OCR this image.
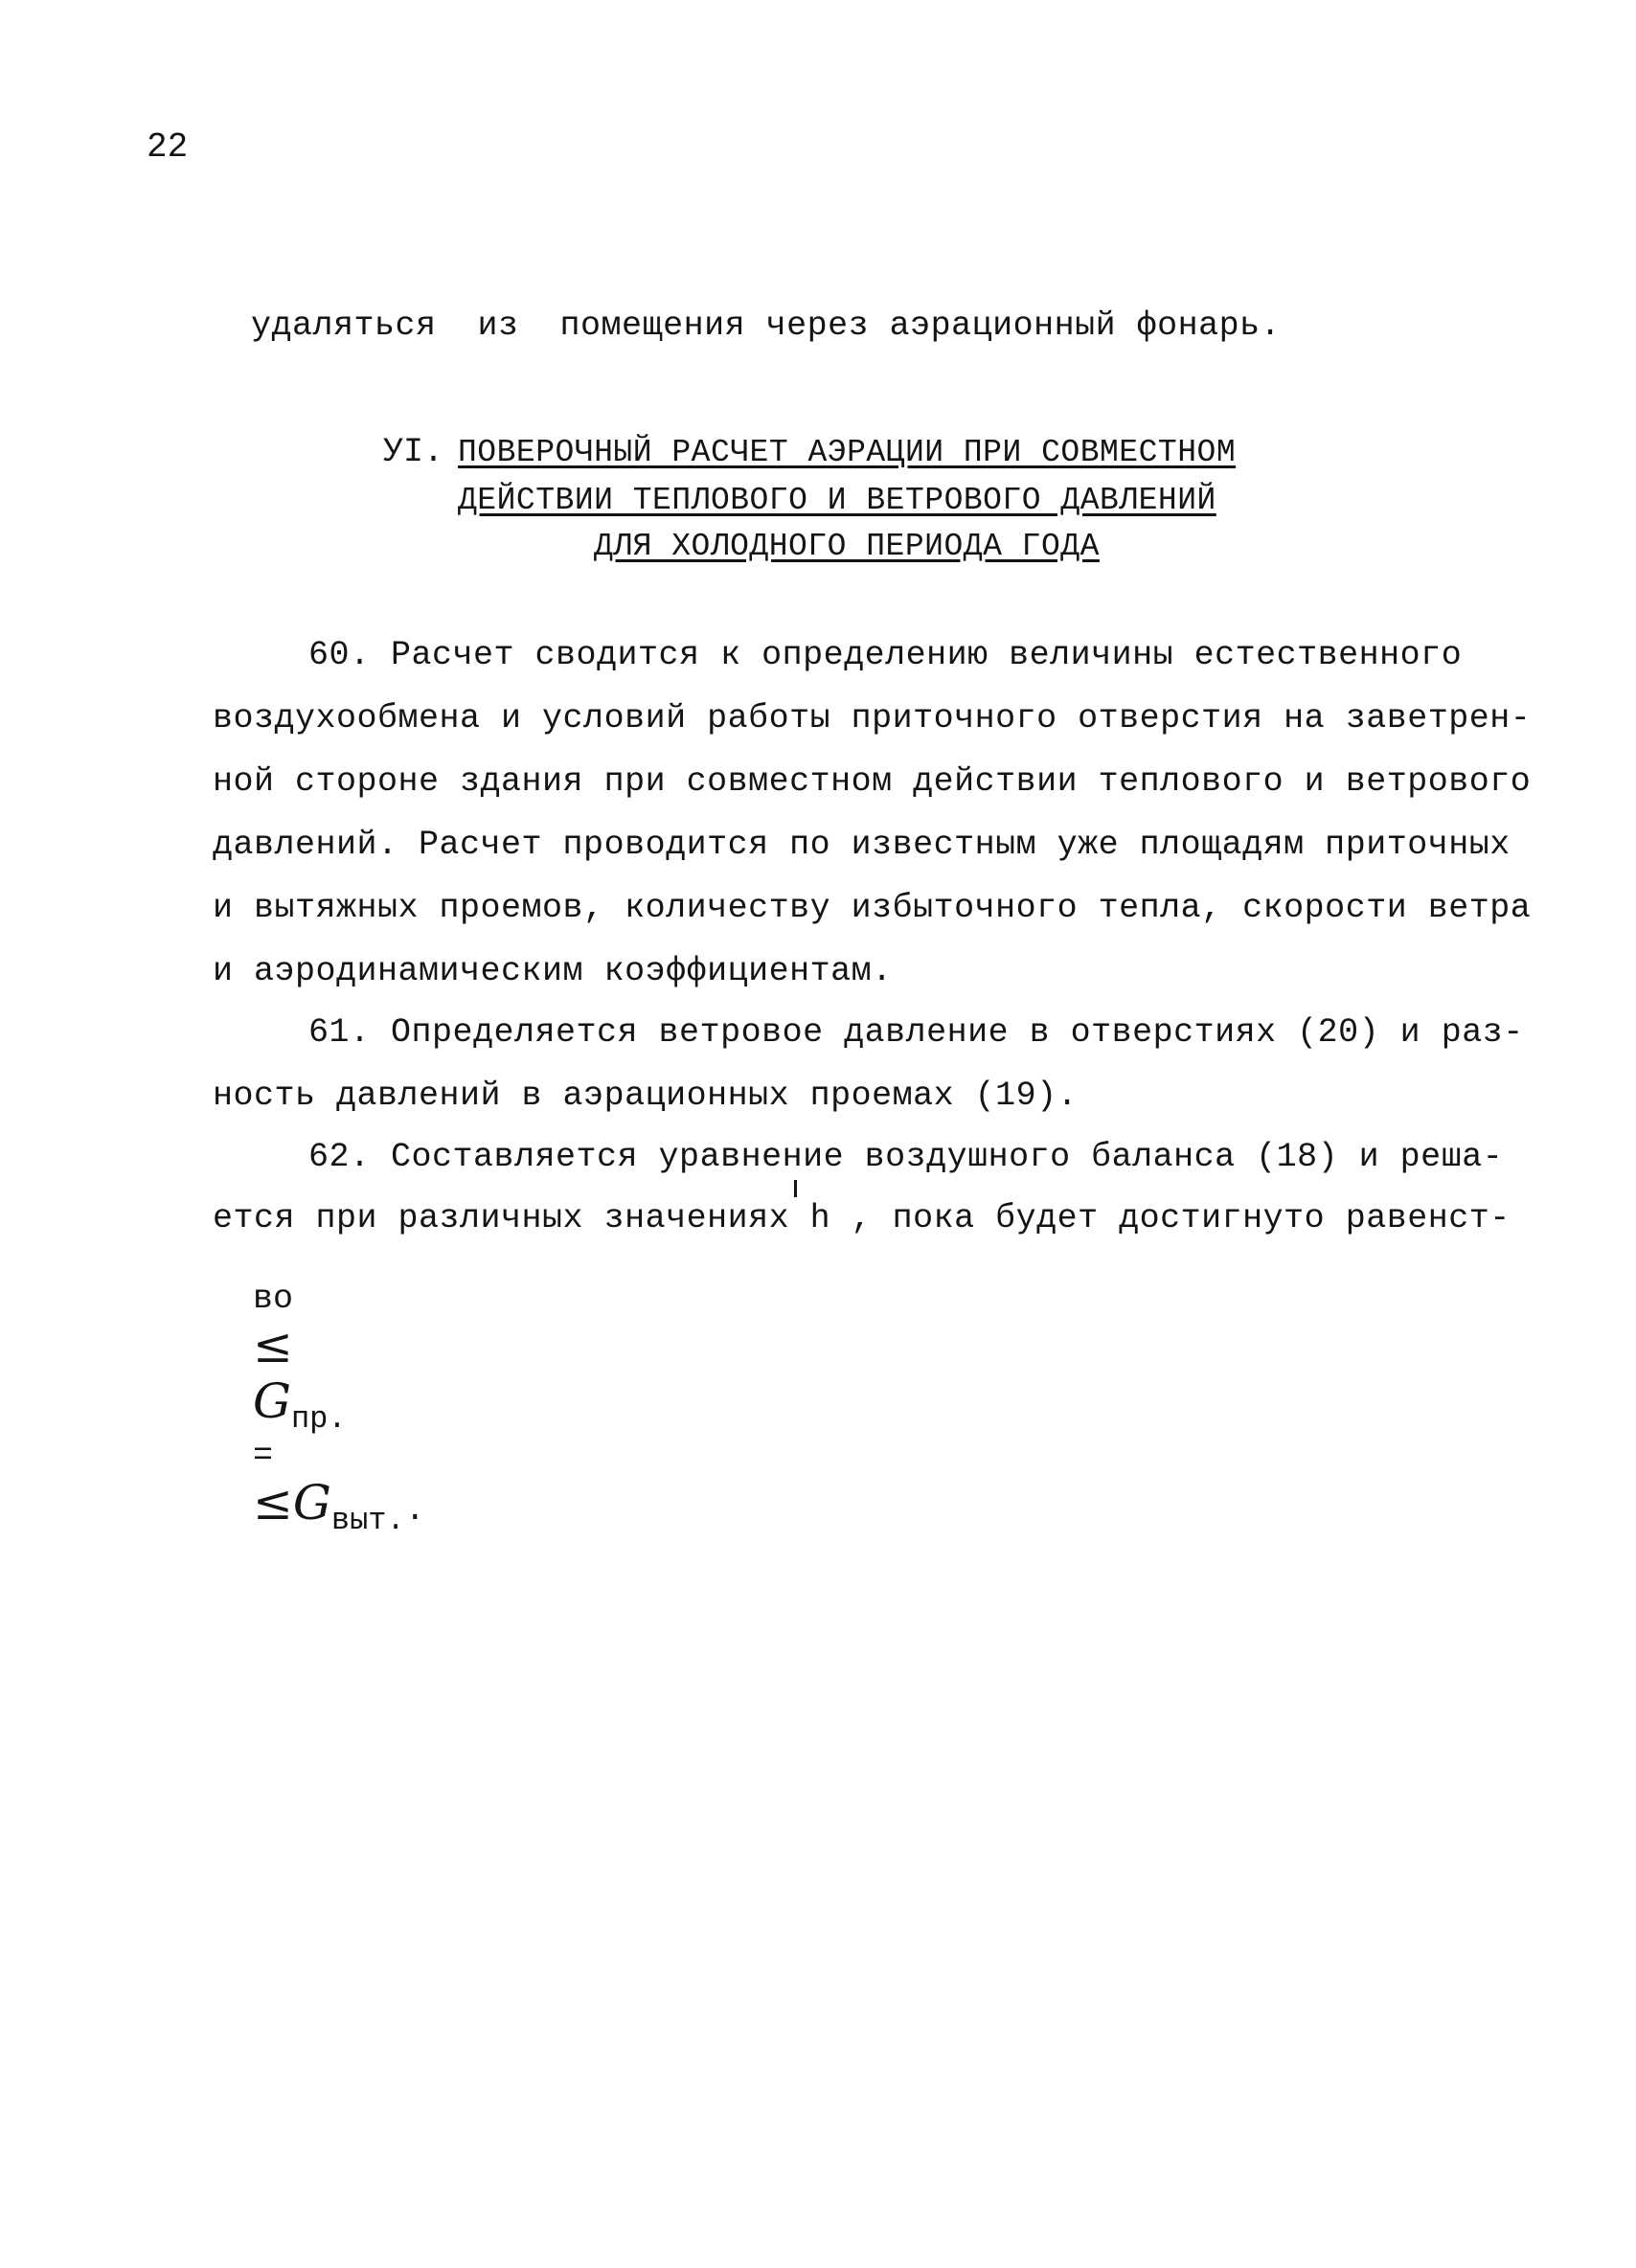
22
удаляться  из  помещения через аэрационный фонарь.
УI. ПОВЕРОЧНЫЙ РАСЧЕТ АЭРАЦИИ ПРИ СОВМЕСТНОМ
ДЕЙСТВИИ ТЕПЛОВОГО И ВЕТРОВОГО ДАВЛЕНИЙ
ДЛЯ ХОЛОДНОГО ПЕРИОДА ГОДА
60. Расчет сводится к определению величины естественного
воздухообмена и условий работы приточного отверстия на заветрен-
ной стороне здания при совместном действии теплового и ветрового
давлений. Расчет проводится по известным уже площадям приточных
и вытяжных проемов, количеству избыточного тепла, скорости ветра
и аэродинамическим коэффициентам.
61. Определяется ветровое давление в отверстиях (20) и раз-
ность давлений в аэрационных проемах (19).
62. Составляется уравнение воздушного баланса (18) и реша-
ется при различных значениях h , пока будет достигнуто равенст-

во
≤
$G_{пр.}$
=
$\le G_{выт.}$.
